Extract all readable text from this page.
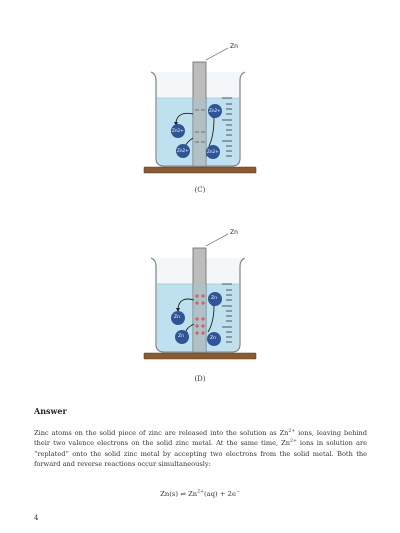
Zn
Zn2+
Zn2+
Zn2+	Zn2+
(C)
Zn
Zn
Zn
Zn	Zn
(D)
Answer
Zinc atoms on the solid piece of zinc are released into the solution as $Zn^{2+}$ ions, leaving behind their two valence electrons on the solid zinc metal. At the same time, $Zn^{2+}$ ions in solution are “replated” onto the solid zinc metal by accepting two electrons from the solid metal. Both the forward and reverse reactions occur simultaneously:
Zn(s) ⇌ $Zn^{2+}(aq) + 2e^-$
4
